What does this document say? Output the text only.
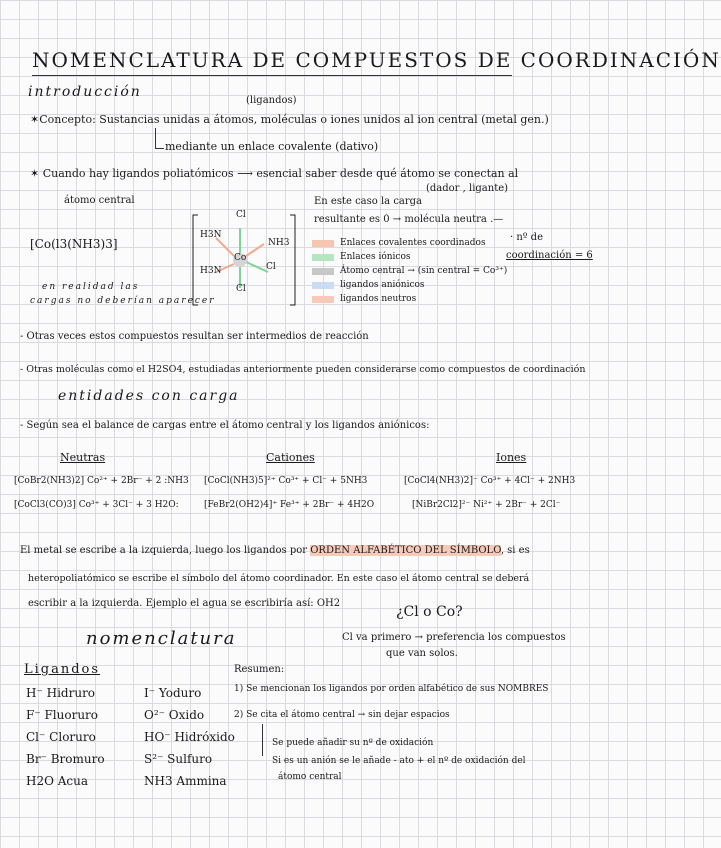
NOMENCLATURA DE COMPUESTOS DE COORDINACIÓN
introducción
(ligandos)
✶Concepto: Sustancias unidas a átomos, moléculas o iones unidos al ion central (metal gen.)
mediante un enlace covalente (dativo)
✶ Cuando hay ligandos poliatómicos ⟶ esencial saber desde qué átomo se conectan al
(dador , ligante)
átomo central
[Co(l3(NH3)3]
en realidad las
cargas no deberían aparecer
Co
Cl
Cl
Cl
H3N
H3N
NH3
En este caso la carga
resultante es 0 → molécula neutra .—
· nº de
coordinación = 6
Enlaces covalentes coordinados
Enlaces iónicos
Átomo central → (sin central = Co³⁺)
ligandos aniónicos
ligandos neutros
- Otras veces estos compuestos resultan ser intermedios de reacción
- Otras moléculas como el H2SO4, estudiadas anteriormente pueden considerarse como compuestos de coordinación
entidades con carga
- Según sea el balance de cargas entre el átomo central y los ligandos aniónicos:
Neutras
[CoBr2(NH3)2] Co²⁺ + 2Br⁻ + 2 :NH3
[CoCl3(CO)3] Co³⁺ + 3Cl⁻ + 3 H2O:
Cationes
[CoCl(NH3)5]²⁺ Co³⁺ + Cl⁻ + 5NH3
[FeBr2(OH2)4]⁺ Fe³⁺ + 2Br⁻ + 4H2O
Iones
[CoCl4(NH3)2]⁻ Co³⁺ + 4Cl⁻ + 2NH3
[NiBr2Cl2]²⁻ Ni²⁺ + 2Br⁻ + 2Cl⁻
El metal se escribe a la izquierda, luego los ligandos por ORDEN ALFABÉTICO DEL SÍMBOLO, si es
heteropoliatómico se escribe el símbolo del átomo coordinador. En este caso el átomo central se deberá
escribir a la izquierda. Ejemplo el agua se escribiría así: OH2
¿Cl o Co?
nomenclatura	Cl va primero → preferencia los compuestos
que van solos.
Ligandos
H⁻ Hidruro
F⁻ Fluoruro
Cl⁻ Cloruro
Br⁻ Bromuro
H2O Acua
I⁻ Yoduro
O²⁻ Oxido
HO⁻ Hidróxido
S²⁻ Sulfuro
NH3 Ammina
Resumen:
1) Se mencionan los ligandos por orden alfabético de sus NOMBRES
2) Se cita el átomo central → sin dejar espacios
Se puede añadir su nº de oxidación
Si es un anión se le añade - ato + el nº de oxidación del
átomo central
